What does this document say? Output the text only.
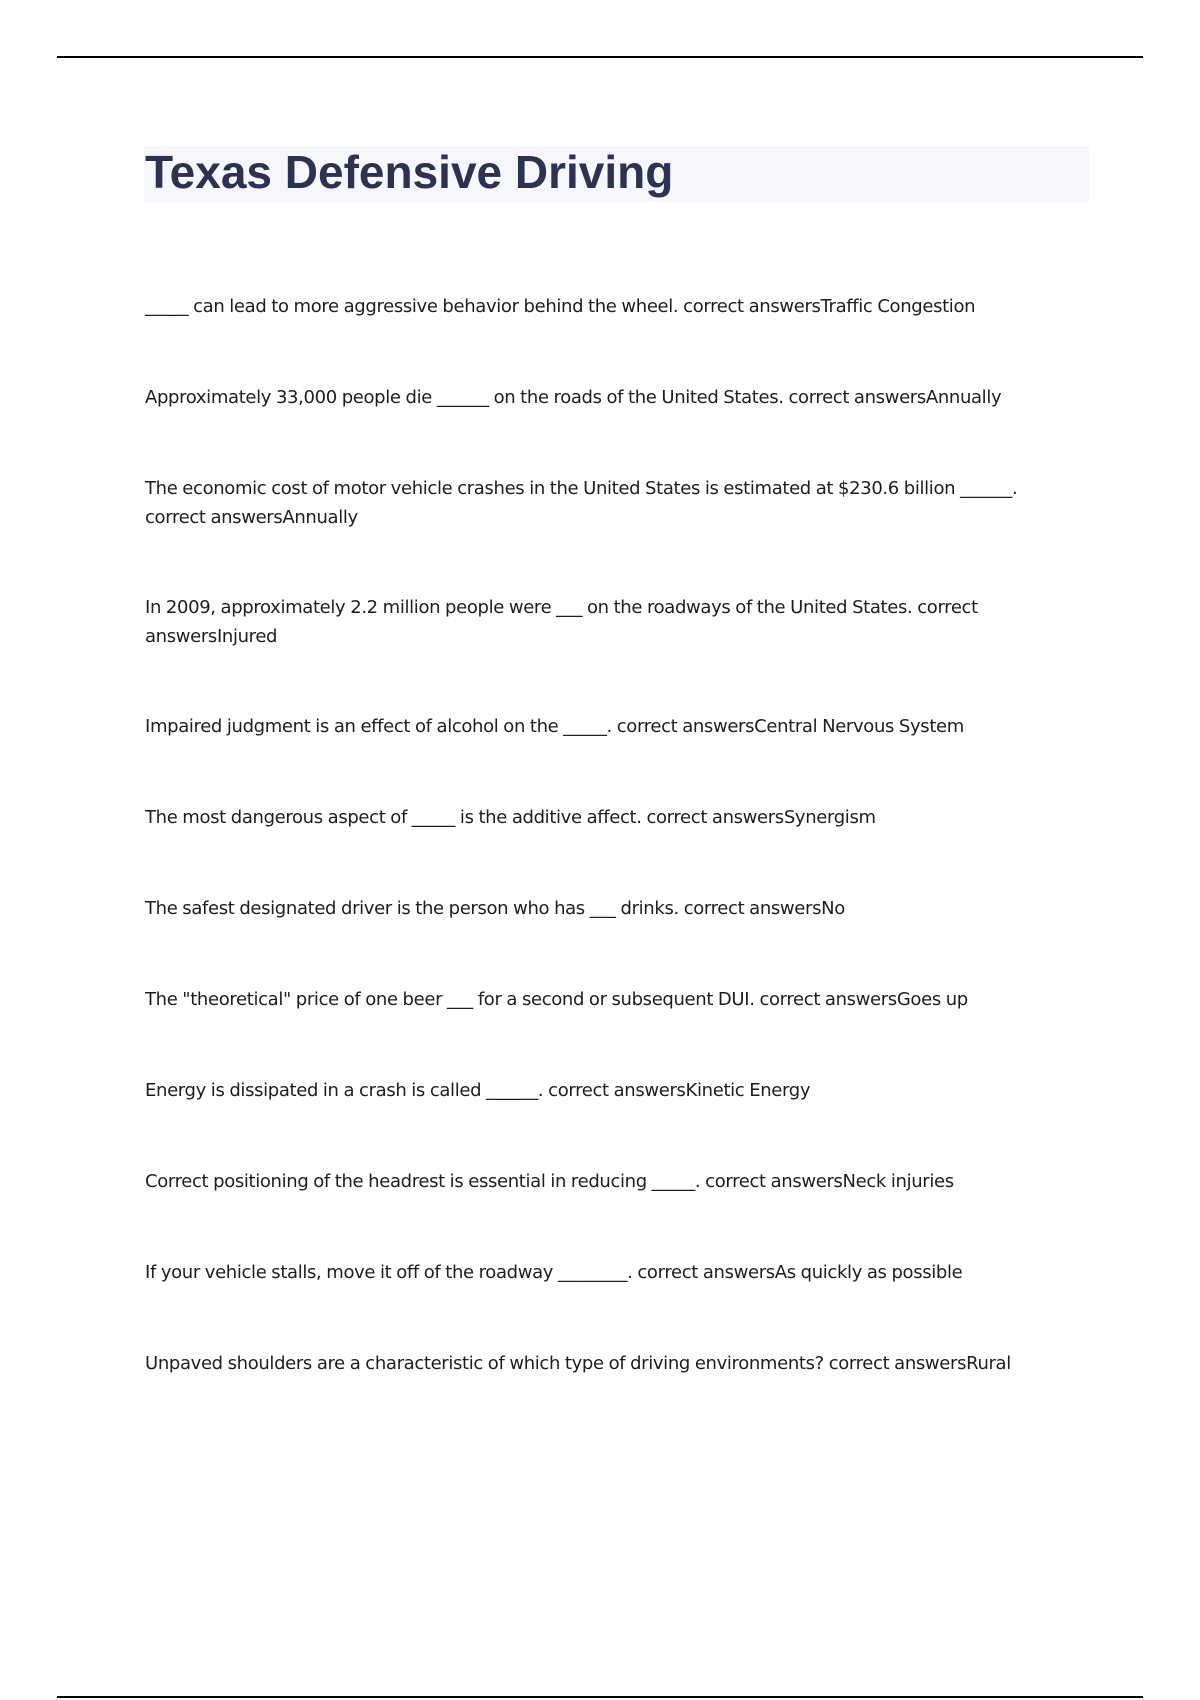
Texas Defensive Driving
_____ can lead to more aggressive behavior behind the wheel. correct answersTraffic Congestion
Approximately 33,000 people die ______ on the roads of the United States. correct answersAnnually
The economic cost of motor vehicle crashes in the United States is estimated at $230.6 billion ______. correct answersAnnually
In 2009, approximately 2.2 million people were ___ on the roadways of the United States. correct answersInjured
Impaired judgment is an effect of alcohol on the _____. correct answersCentral Nervous System
The most dangerous aspect of _____ is the additive affect. correct answersSynergism
The safest designated driver is the person who has ___ drinks. correct answersNo
The "theoretical" price of one beer ___ for a second or subsequent DUI. correct answersGoes up
Energy is dissipated in a crash is called ______. correct answersKinetic Energy
Correct positioning of the headrest is essential in reducing _____. correct answersNeck injuries
If your vehicle stalls, move it off of the roadway ________. correct answersAs quickly as possible
Unpaved shoulders are a characteristic of which type of driving environments? correct answersRural
